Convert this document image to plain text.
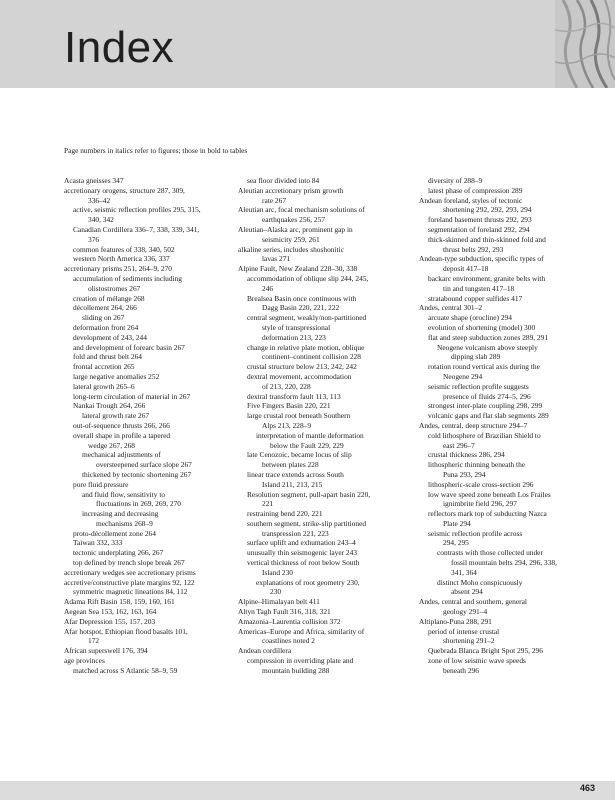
Index
Page numbers in italics refer to figures; those in bold to tables
Acasta gneisses 347
accretionary orogens, structure 287, 309,
336–42
active, seismic reflection profiles 295, 315,
340, 342
Canadian Cordillera 336–7, 338, 339, 341,
376
common features of 338, 340, 502
western North America 336, 337
accretionary prisms 251, 264–9, 270
accumulation of sediments including
olistostromes 267
creation of mélange 268
décollement 264, 266
sliding on 267
deformation front 264
development of 243, 244
and development of forearc basin 267
fold and thrust belt 264
frontal accretion 265
large negative anomalies 252
lateral growth 265–6
long-term circulation of material in 267
Nankai Trough 264, 266
lateral growth rate 267
out-of-sequence thrusts 266, 266
overall shape in profile a tapered
wedge 267, 268
mechanical adjustments of
oversteepened surface slope 267
thickened by tectonic shortening 267
pore fluid pressure
and fluid flow, sensitivity to
fluctuations in 269, 269, 270
increasing and decreasing
mechanisms 268–9
proto-décollement zone 264
Taiwan 332, 333
tectonic underplating 266, 267
top defined by trench slope break 267
accretionary wedges see accretionary prisms
accretive/constructive plate margins 92, 122
symmetric magnetic lineations 84, 112
Adama Rift Basin 158, 159, 160, 161
Aegean Sea 153, 162, 163, 164
Afar Depression 155, 157, 203
Afar hotspot, Ethiopian flood basalts 101,
172
African superswell 176, 394
age provinces
matched across S Atlantic 58–9, 59
sea floor divided into 84
Aleutian accretionary prism growth
rate 267
Aleutian arc, focal mechanism solutions of
earthquakes 256, 257
Aleutian–Alaska arc, prominent gap in
seismicity 259, 261
alkaline series, includes shoshonitic
lavas 271
Alpine Fault, New Zealand 228–30, 338
accommodation of oblique slip 244, 245,
246
Brealsea Basin once continuous with
Dagg Basin 220, 221, 222
central segment, weakly/non-partitioned
style of transpressional
deformation 213, 223
change in relative plate motion, oblique
continent–continent collision 228
crustal structure below 213, 242, 242
dextral movement, accommodation
of 213, 220, 228
dextral transform fault 113, 113
Five Fingers Basin 220, 221
large crustal root beneath Southern
Alps 213, 228–9
interpretation of mantle deformation
below the Fault 229, 229
late Cenozoic, became locus of slip
between plates 228
linear trace extends across South
Island 211, 213, 215
Resolution segment, pull-apart basin 220,
221
restraining bend 220, 221
southern segment, strike-slip partitioned
transpression 221, 223
surface uplift and exhumation 243–4
unusually thin seismogenic layer 243
vertical thickness of root below South
Island 230
explanations of root geometry 230,
230
Alpine–Himalayan belt 411
Altyn Tagh Fault 316, 318, 321
Amazonia–Laurentia collision 372
Americas–Europe and Africa, similarity of
coastlines noted 2
Andean cordillera
compression in overriding plate and
mountain building 288
diversity of 288–9
latest phase of compression 289
Andean foreland, styles of tectonic
shortening 292, 292, 293, 294
foreland basement thrusts 292, 293
segmentation of foreland 292, 294
thick-skinned and thin-skinned fold and
thrust belts 292, 293
Andean-type subduction, specific types of
deposit 417–18
backarc environment, granite belts with
tin and tungsten 417–18
stratabound copper sulfides 417
Andes, central 301–2
arcuate shape (orocline) 294
evolution of shortening (model) 300
flat and steep subduction zones 289, 291
Neogene volcanism above steeply
dipping slab 289
rotation round vertical axis during the
Neogene 294
seismic reflection profile suggests
presence of fluids 274–5, 296
strongest inter-plate coupling 298, 299
volcanic gaps and flat slab segments 289
Andes, central, deep structure 294–7
cold lithosphere of Brazilian Shield to
east 296–7
crustal thickness 286, 294
lithospheric thinning beneath the
Puna 293, 294
lithospheric-scale cross-section 296
low wave speed zone beneath Los Frailes
ignimbrite field 296, 297
reflectors mark top of subducting Nazca
Plate 294
seismic reflection profile across
294, 295
contrasts with those collected under
fossil mountain belts 294, 296, 338,
341, 364
distinct Moho conspicuously
absent 294
Andes, central and southern, general
geology 291–4
Altiplano-Puna 288, 291
period of intense crustal
shortening 291–2
Quebrada Blanca Bright Spot 295, 296
zone of low seismic wave speeds
beneath 296
463
